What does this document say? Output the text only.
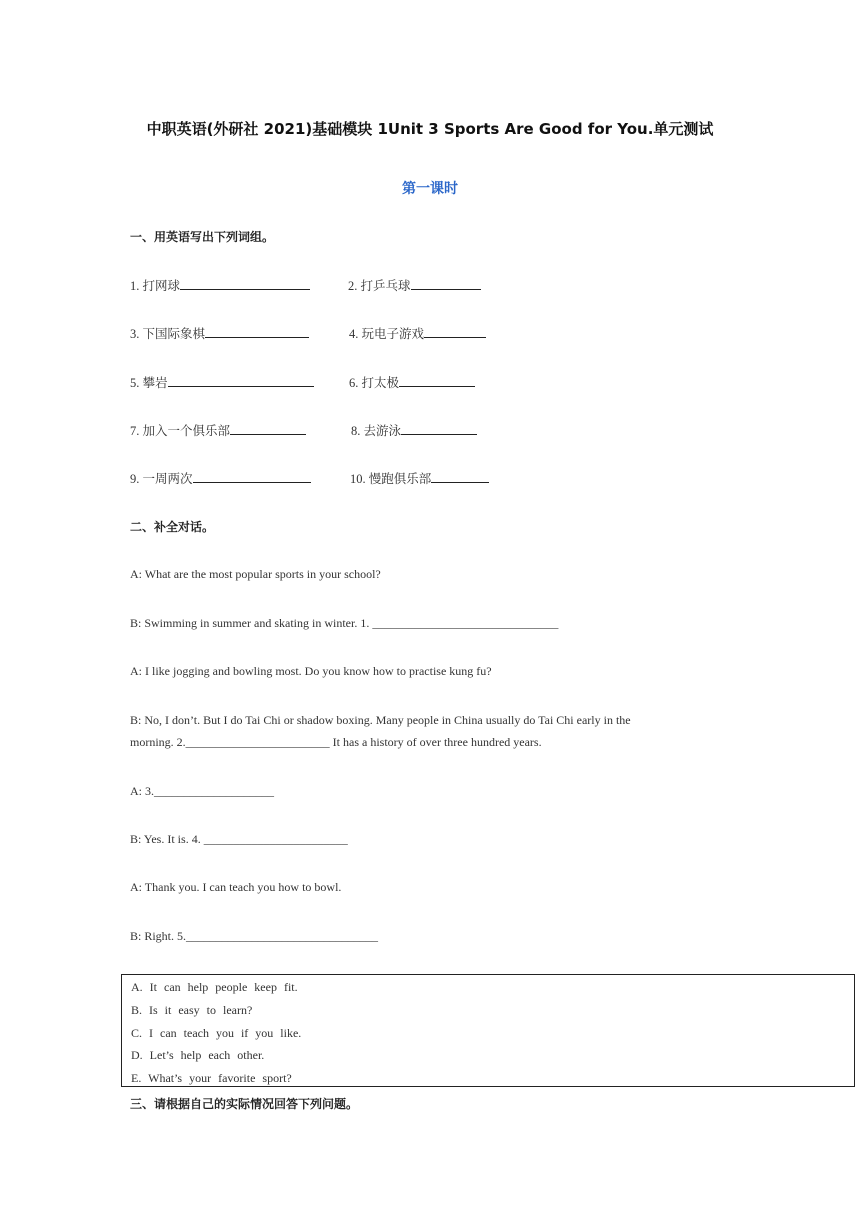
中职英语(外研社 2021)基础模块 1Unit 3 Sports Are Good for You.单元测试
第一课时
一、用英语写出下列词组。
1. 打网球	2. 打乒乓球
3. 下国际象棋	4. 玩电子游戏
5. 攀岩	6. 打太极
7. 加入一个俱乐部	8. 去游泳
9. 一周两次	10. 慢跑俱乐部
二、补全对话。
A: What are the most popular sports in your school?
B: Swimming in summer and skating in winter. 1. _______________________________
A: I like jogging and bowling most. Do you know how to practise kung fu?
B: No, I don’t. But I do Tai Chi or shadow boxing. Many people in China usually do Tai Chi early in the
morning. 2.________________________ It has a history of over three hundred years.
A: 3.____________________
B: Yes. It is. 4. ________________________
A: Thank you. I can teach you how to bowl.
B: Right. 5.________________________________
A. It can help people keep fit.
B. Is it easy to learn?
C. I can teach you if you like.
D. Let’s help each other.
E. What’s your favorite sport?
三、请根据自己的实际情况回答下列问题。
